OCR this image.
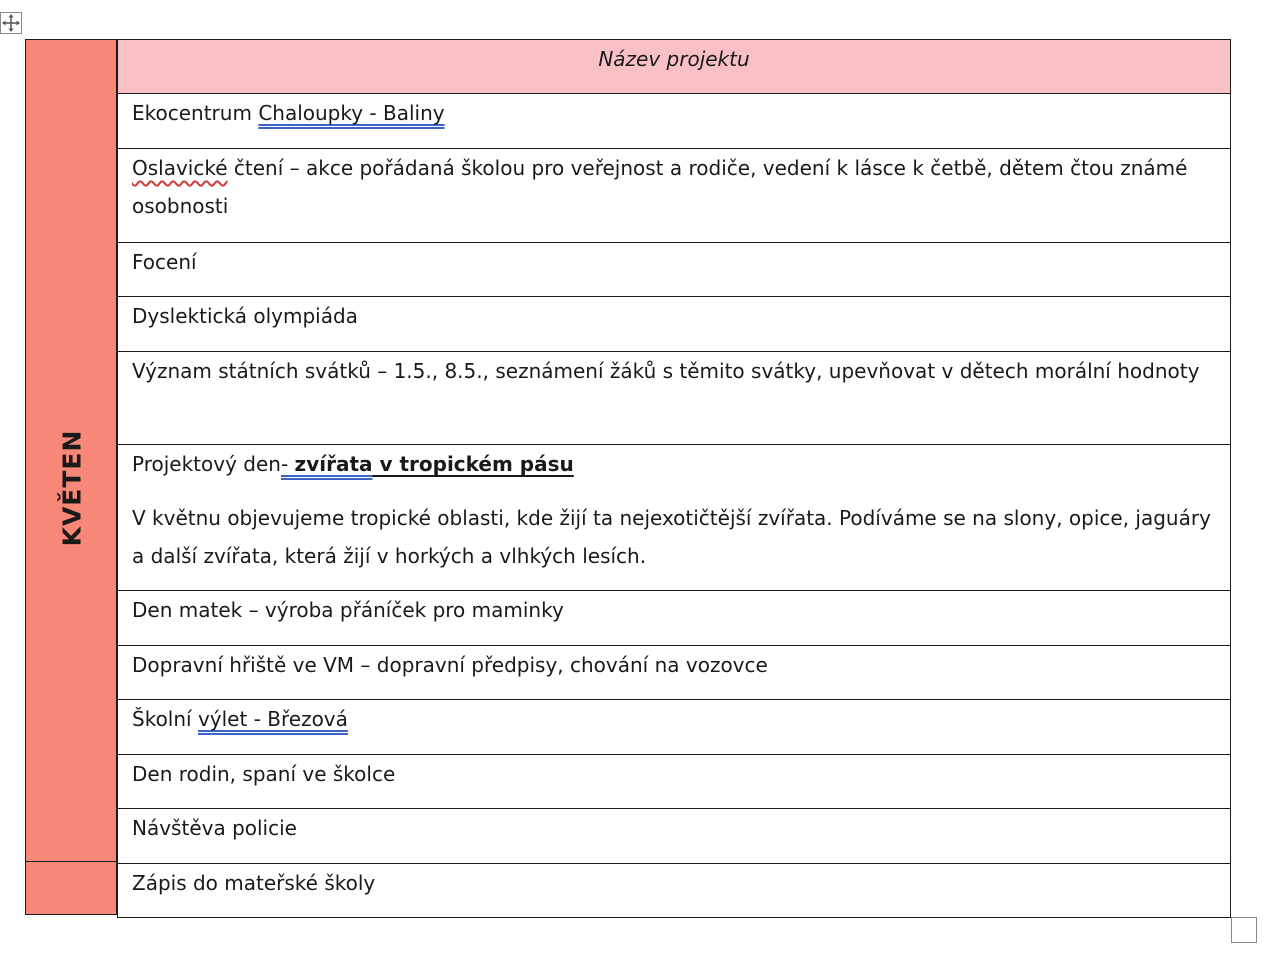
KVĚTEN
Název projektu
Ekocentrum Chaloupky - Baliny
Oslavické čtení – akce pořádaná školou pro veřejnost a rodiče, vedení k lásce k četbě, dětem čtou známé osobnosti
Focení
Dyslektická olympiáda
Význam státních svátků – 1.5., 8.5., seznámení žáků s těmito svátky, upevňovat v dětech morální hodnoty

Projektový den- zvířata v tropickém pásu
V květnu objevujeme tropické oblasti, kde žijí ta nejexotičtější zvířata. Podíváme se na slony, opice, jaguáry a další zvířata, která žijí v horkých a vlhkých lesích.

Den matek – výroba přáníček pro maminky
Dopravní hřiště ve VM – dopravní předpisy, chování na vozovce
Školní výlet - Březová
Den rodin, spaní ve školce
Návštěva policie
Zápis do mateřské školy
